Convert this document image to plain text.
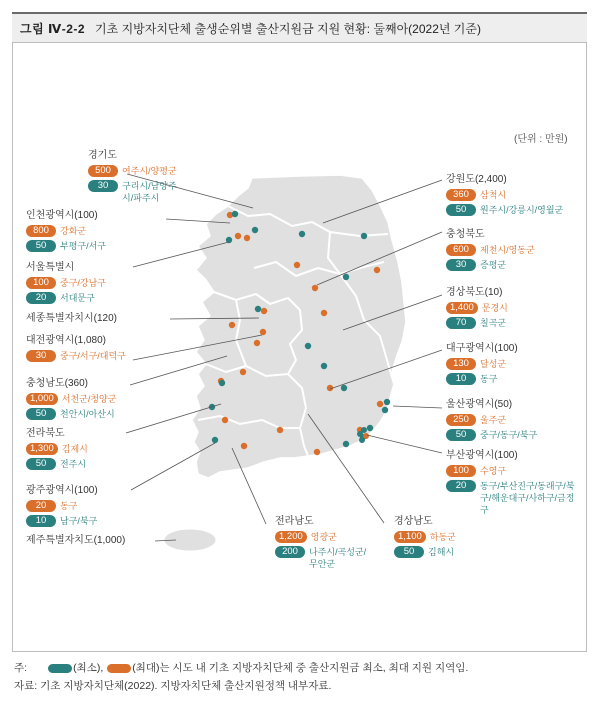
그림 Ⅳ-2-2 기초 지방자치단체 출생순위별 출산지원금 지원 현황: 둘째아(2022년 기준)
(단위 : 만원)
경기도
500	여주시/양평군
30	구리시/남양주시/파주시
인천광역시(100)
800	강화군
50	부평구/서구
서울특별시
100	중구/강남구
20	서대문구
세종특별자치시(120)
대전광역시(1,080)
30	중구/서구/대덕구
충청남도(360)
1,000 서천군/청양군
50	천안시/아산시
전라북도
1,300 김제시
50	전주시
광주광역시(100)
20	동구
10	남구/북구
제주특별자치도(1,000)
전라남도
1,200 영광군
200	나주시/곡성군/무안군
경상남도
1,100 하동군
50	김해시
강원도(2,400)
360	삼척시
50	원주시/강릉시/영월군
충청북도
600	제천시/영동군
30	증평군
경상북도(10)
1,400 문경시
70	칠곡군
대구광역시(100)
130	달성군
10	동구
울산광역시(50)
250	울주군
50	중구/동구/북구
부산광역시(100)
100	수영구
20	동구/부산진구/동래구/북구/해운대구/사하구/금정구
주:	(최소),	(최대)는 시도 내 기초 지방자치단체 중 출산지원금 최소, 최대 지원 지역임.
자료: 기초 지방자치단체(2022). 지방자치단체 출산지원정책 내부자료.
